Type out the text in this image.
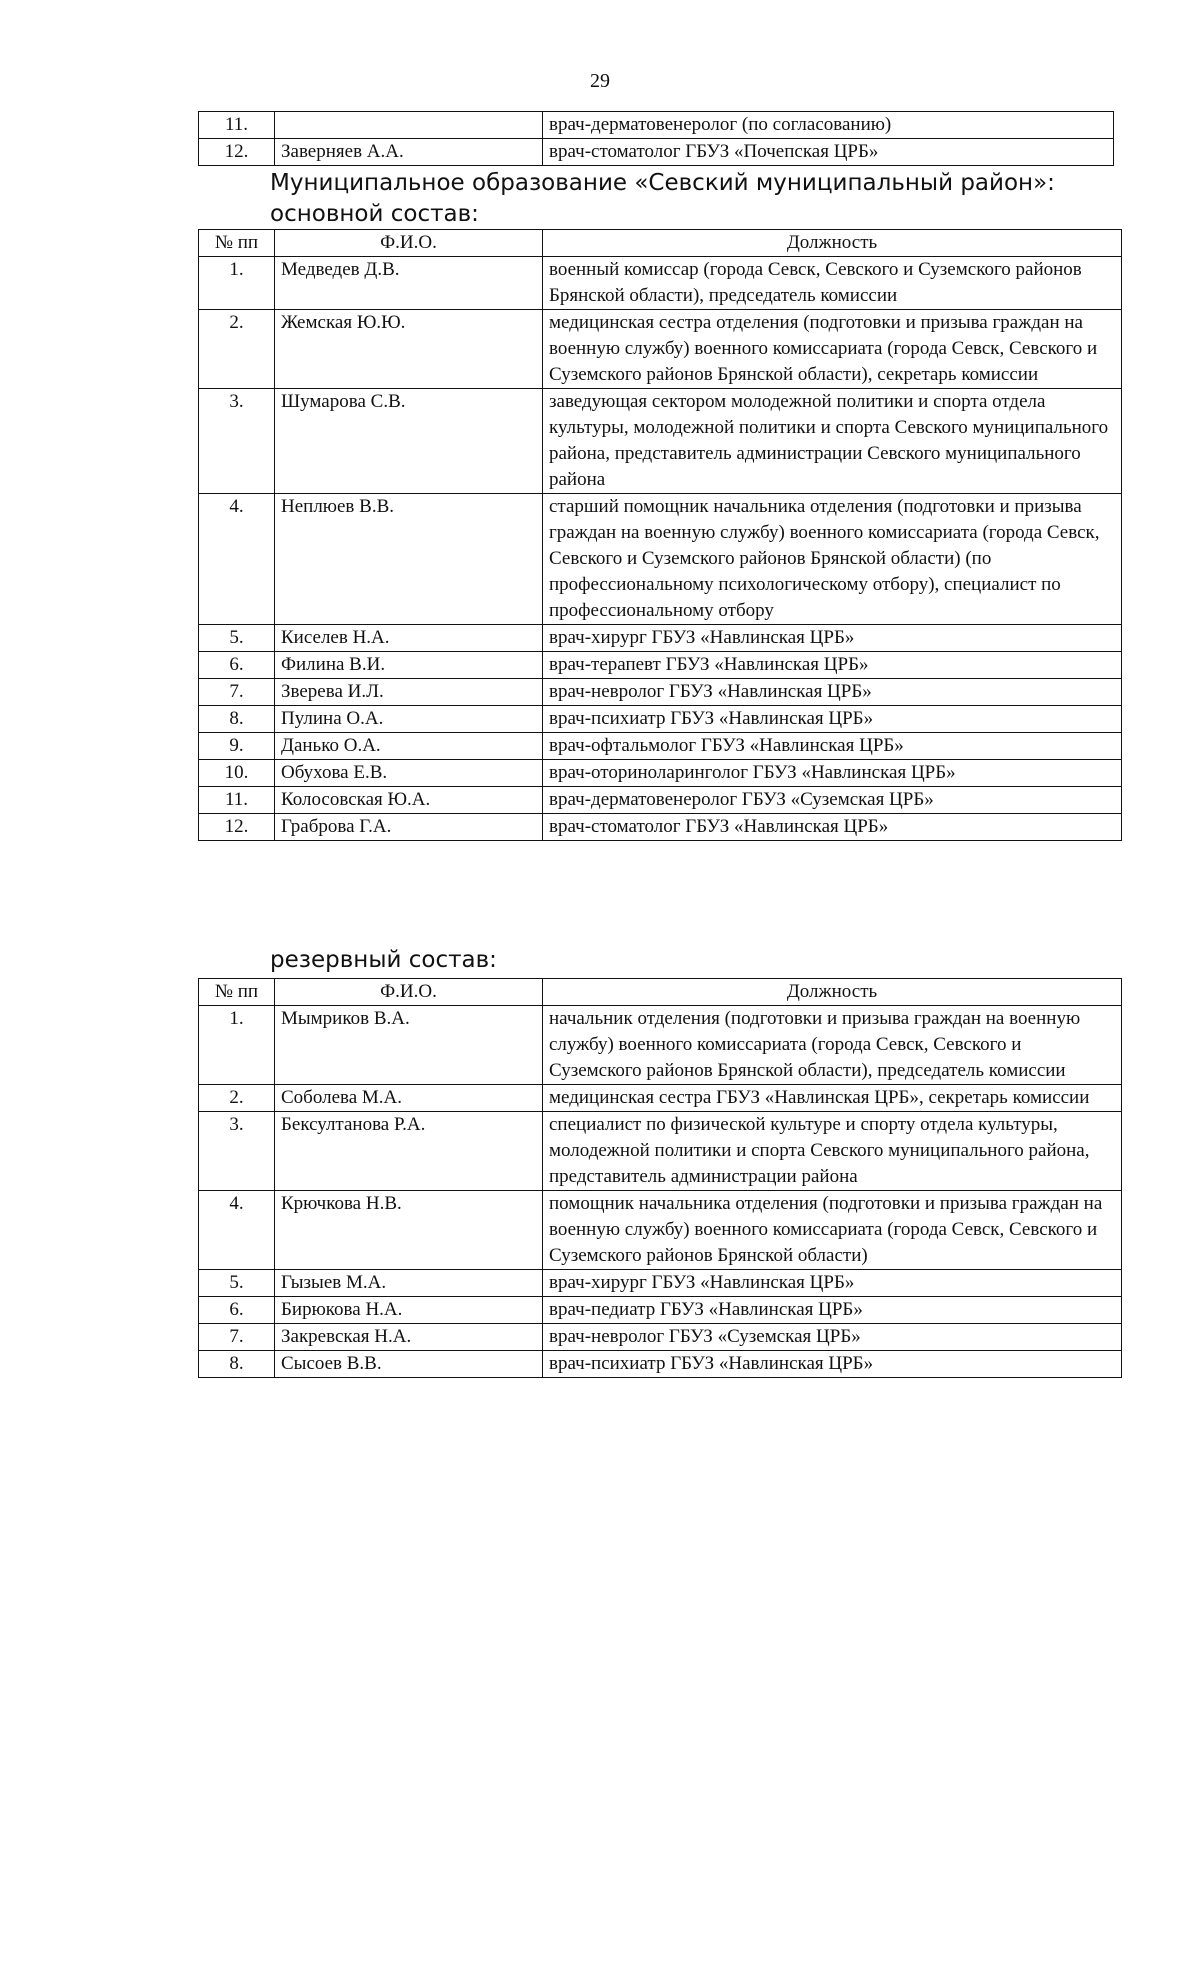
29
11.		врач-дерматовенеролог (по согласованию)
12.	Заверняев А.А.	врач-стоматолог ГБУЗ «Почепская ЦРБ»
Муниципальное образование «Севский муниципальный район»:
основной состав:
№ пп	Ф.И.О.	Должность
1.	Медведев Д.В.	военный комиссар (города Севск, Севского и Суземского районов Брянской области), председатель комиссии
2.	Жемская Ю.Ю.	медицинская сестра отделения (подготовки и призыва граждан на военную службу) военного комиссариата (города Севск, Севского и Суземского районов Брянской области), секретарь комиссии
3.	Шумарова С.В.	заведующая сектором молодежной политики и спорта отдела культуры, молодежной политики и спорта Севского муниципального района, представитель администрации Севского муниципального района
4.	Неплюев В.В.	старший помощник начальника отделения (подготовки и призыва граждан на военную службу) военного комиссариата (города Севск, Севского и Суземского районов Брянской области) (по профессиональному психологическому отбору), специалист по профессиональному отбору
5.	Киселев Н.А.	врач-хирург ГБУЗ «Навлинская ЦРБ»
6.	Филина В.И.	врач-терапевт ГБУЗ «Навлинская ЦРБ»
7.	Зверева И.Л.	врач-невролог ГБУЗ «Навлинская ЦРБ»
8.	Пулина О.А.	врач-психиатр ГБУЗ «Навлинская ЦРБ»
9.	Данько О.А.	врач-офтальмолог ГБУЗ «Навлинская ЦРБ»
10.	Обухова Е.В.	врач-оториноларинголог ГБУЗ «Навлинская ЦРБ»
11.	Колосовская Ю.А.	врач-дерматовенеролог ГБУЗ «Суземская ЦРБ»
12.	Граброва Г.А.	врач-стоматолог ГБУЗ «Навлинская ЦРБ»
резервный состав:
№ пп	Ф.И.О.	Должность
1.	Мымриков В.А.	начальник отделения (подготовки и призыва граждан на военную службу) военного комиссариата (города Севск, Севского и Суземского районов Брянской области), председатель комиссии
2.	Соболева М.А.	медицинская сестра ГБУЗ «Навлинская ЦРБ», секретарь комиссии
3.	Бексултанова Р.А.	специалист по физической культуре и спорту отдела культуры, молодежной политики и спорта Севского муниципального района, представитель администрации района
4.	Крючкова Н.В.	помощник начальника отделения (подготовки и призыва граждан на военную службу) военного комиссариата (города Севск, Севского и Суземского районов Брянской области)
5.	Гызыев М.А.	врач-хирург ГБУЗ «Навлинская ЦРБ»
6.	Бирюкова Н.А.	врач-педиатр ГБУЗ «Навлинская ЦРБ»
7.	Закревская Н.А.	врач-невролог ГБУЗ «Суземская ЦРБ»
8.	Сысоев В.В.	врач-психиатр ГБУЗ «Навлинская ЦРБ»
